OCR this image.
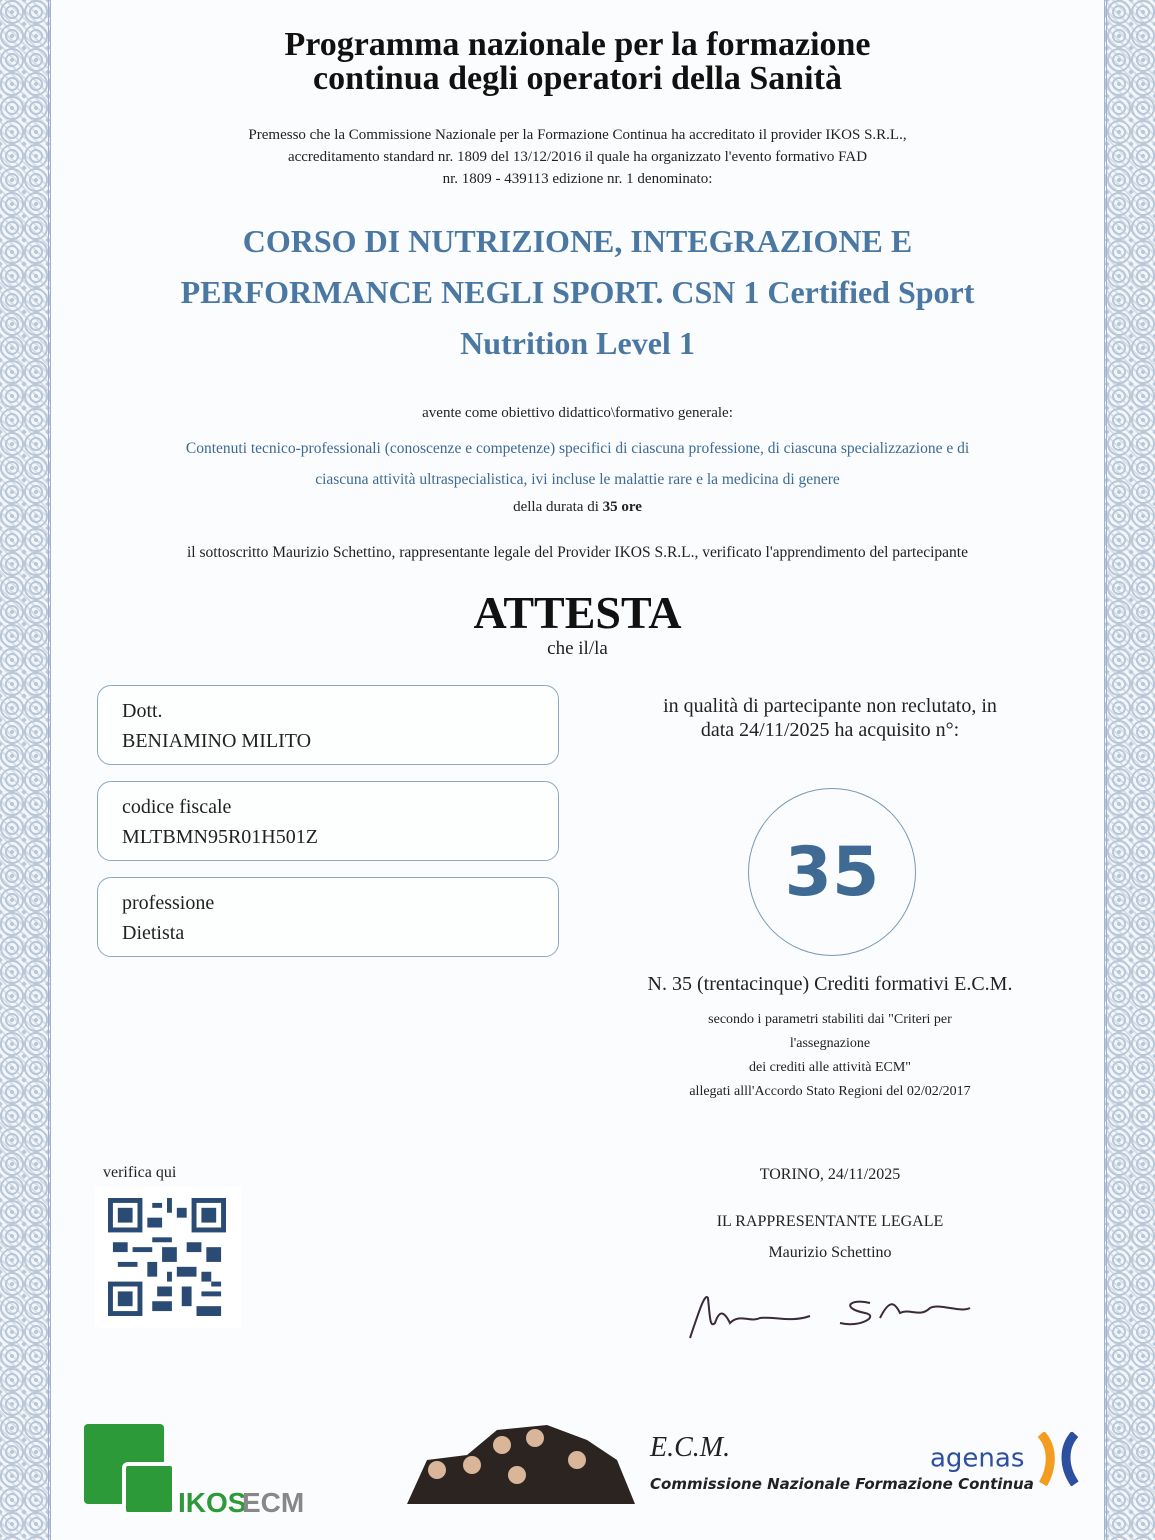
Programma nazionale per la formazione
continua degli operatori della Sanità
Premesso che la Commissione Nazionale per la Formazione Continua ha accreditato il provider IKOS S.R.L.,
accreditamento standard nr. 1809 del 13/12/2016 il quale ha organizzato l'evento formativo FAD
nr. 1809 - 439113 edizione nr. 1 denominato:
CORSO DI NUTRIZIONE, INTEGRAZIONE E PERFORMANCE NEGLI SPORT. CSN 1 Certified Sport Nutrition Level 1
avente come obiettivo didattico\formativo generale:
Contenuti tecnico-professionali (conoscenze e competenze) specifici di ciascuna professione, di ciascuna specializzazione e di ciascuna attività ultraspecialistica, ivi incluse le malattie rare e la medicina di genere
della durata di 35 ore
il sottoscritto Maurizio Schettino, rappresentante legale del Provider IKOS S.R.L., verificato l'apprendimento del partecipante
ATTESTA
che il/la
Dott.
BENIAMINO MILITO
codice fiscale
MLTBMN95R01H501Z
professione
Dietista
in qualità di partecipante non reclutato, in data 24/11/2025 ha acquisito n°:
35
N. 35 (trentacinque) Crediti formativi E.C.M.
secondo i parametri stabiliti dai "Criteri per
l'assegnazione
dei crediti alle attività ECM"
allegati alll'Accordo Stato Regioni del 02/02/2017
verifica qui	TORINO, 24/11/2025
IL RAPPRESENTANTE LEGALE
Maurizio Schettino
IKOS
ECM
E.C.M.
Commissione Nazionale Formazione Continua
agenas
